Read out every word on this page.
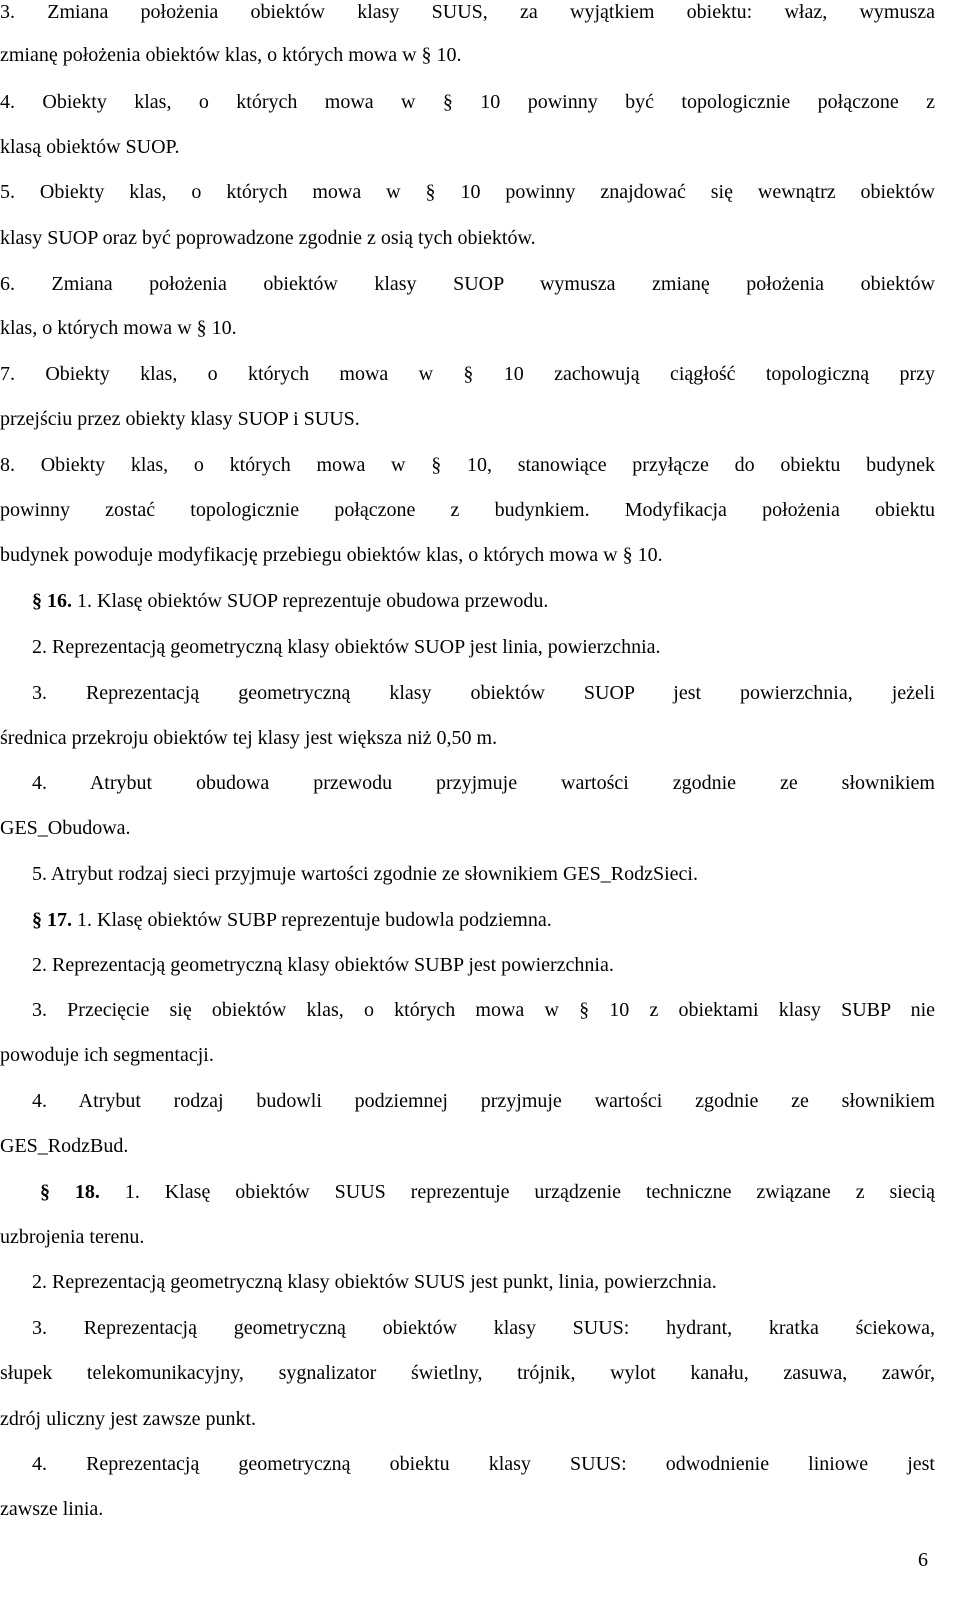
3. Zmiana położenia obiektów klasy SUUS, za wyjątkiem obiektu: właz, wymusza
zmianę położenia obiektów klas, o których mowa w § 10.
4. Obiekty klas, o których mowa w § 10 powinny być topologicznie połączone z
klasą obiektów SUOP.
5. Obiekty klas, o których mowa w § 10 powinny znajdować się wewnątrz obiektów
klasy SUOP oraz być poprowadzone zgodnie z osią tych obiektów.
6. Zmiana położenia obiektów klasy SUOP wymusza zmianę położenia obiektów
klas, o których mowa w § 10.
7. Obiekty klas, o których mowa w § 10 zachowują ciągłość topologiczną przy
przejściu przez obiekty klasy SUOP i SUUS.
8. Obiekty klas, o których mowa w § 10, stanowiące przyłącze do obiektu budynek
powinny zostać topologicznie połączone z budynkiem. Modyfikacja położenia obiektu
budynek powoduje modyfikację przebiegu obiektów klas, o których mowa w § 10.
§ 16. 1. Klasę obiektów SUOP reprezentuje obudowa przewodu.
2. Reprezentacją geometryczną klasy obiektów SUOP jest linia, powierzchnia.
3. Reprezentacją geometryczną klasy obiektów SUOP jest powierzchnia, jeżeli
średnica przekroju obiektów tej klasy jest większa niż 0,50 m.
4. Atrybut obudowa przewodu przyjmuje wartości zgodnie ze słownikiem
GES_Obudowa.
5. Atrybut rodzaj sieci przyjmuje wartości zgodnie ze słownikiem GES_RodzSieci.
§ 17. 1. Klasę obiektów SUBP reprezentuje budowla podziemna.
2. Reprezentacją geometryczną klasy obiektów SUBP jest powierzchnia.
3. Przecięcie się obiektów klas, o których mowa w § 10 z obiektami klasy SUBP nie
powoduje ich segmentacji.
4. Atrybut rodzaj budowli podziemnej przyjmuje wartości zgodnie ze słownikiem
GES_RodzBud.
§ 18. 1. Klasę obiektów SUUS reprezentuje urządzenie techniczne związane z siecią
uzbrojenia terenu.
2. Reprezentacją geometryczną klasy obiektów SUUS jest punkt, linia, powierzchnia.
3. Reprezentacją geometryczną obiektów klasy SUUS: hydrant, kratka ściekowa,
słupek telekomunikacyjny, sygnalizator świetlny, trójnik, wylot kanału, zasuwa, zawór,
zdrój uliczny jest zawsze punkt.
4. Reprezentacją geometryczną obiektu klasy SUUS: odwodnienie liniowe jest
zawsze linia.
6
